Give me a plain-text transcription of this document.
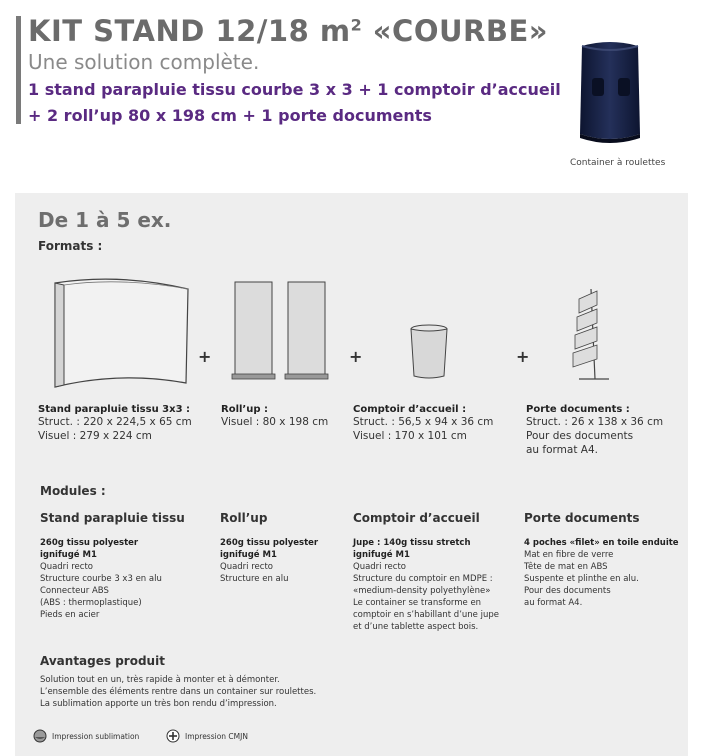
KIT STAND 12/18 $m^2$ «COURBE»
Une solution complète.
1 stand parapluie tissu courbe 3 x 3 + 1 comptoir d’accueil
+ 2 roll’up 80 x 198 cm + 1 porte documents
Container à roulettes
De 1 à 5 ex.
Formats :
+	+	+
Stand parapluie tissu 3x3 :
Struct. : 220 x 224,5 x 65 cm
Visuel : 279 x 224 cm
Roll’up :
Visuel : 80 x 198 cm
Comptoir d’accueil :
Struct. : 56,5 x 94 x 36 cm
Visuel : 170 x 101 cm
Porte documents :
Struct. : 26 x 138 x 36 cm
Pour des documents
au format A4.
Modules :
Stand parapluie tissu
260g tissu polyester
ignifugé M1
Quadri recto
Structure courbe 3 x3 en alu
Connecteur ABS
(ABS : thermoplastique)
Pieds en acier
Roll’up
260g tissu polyester
ignifugé M1
Quadri recto
Structure en alu
Comptoir d’accueil
Jupe : 140g tissu stretch
ignifugé M1
Quadri recto
Structure du comptoir en MDPE :
«medium-density polyethylène»
Le container se transforme en
comptoir en s’habillant d’une jupe
et d’une tablette aspect bois.
Porte documents
4 poches «filet» en toile enduite
Mat en fibre de verre
Tête de mat en ABS
Suspente et plinthe en alu.
Pour des documents
au format A4.
Avantages produit
Solution tout en un, très rapide à monter et à démonter.
L’ensemble des éléments rentre dans un container sur roulettes.
La sublimation apporte un très bon rendu d’impression.
Impression sublimation	Impression CMJN
